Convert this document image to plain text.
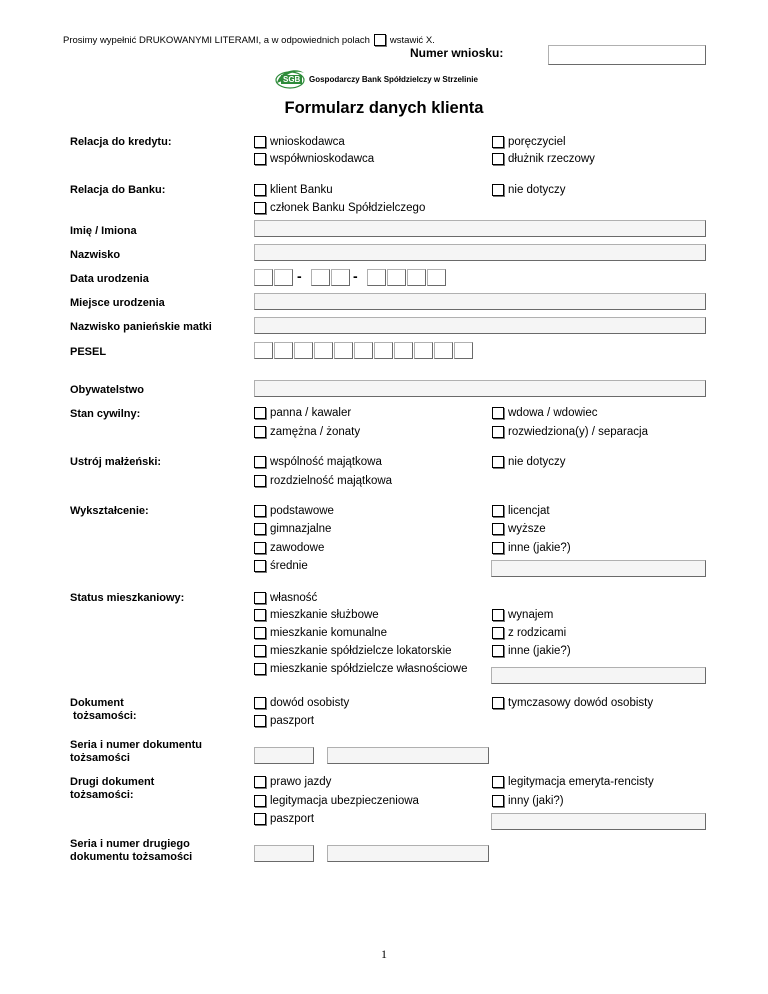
Prosimy wypełnić DRUKOWANYMI LITERAMI, a w odpowiednich polach wstawić X.
Numer wniosku:
SGB Gospodarczy Bank Spółdzielczy w Strzelinie
Formularz danych klienta
Relacja do kredytu:	wnioskodawca	poręczyciel
współwnioskodawca	dłużnik rzeczowy
Relacja do Banku:	klient Banku	nie dotyczy
członek Banku Spółdzielczego
Imię / Imiona
Nazwisko
Data urodzenia	-	-
Miejsce urodzenia
Nazwisko panieńskie matki
PESEL
Obywatelstwo
Stan cywilny:	panna / kawaler	wdowa / wdowiec
zamężna / żonaty	rozwiedziona(y) / separacja
Ustrój małżeński:	wspólność majątkowa	nie dotyczy
rozdzielność majątkowa
Wykształcenie:	podstawowe	licencjat
gimnazjalne	wyższe
zawodowe	inne (jakie?)
średnie
Status mieszkaniowy:	własność
mieszkanie służbowe	wynajem
mieszkanie komunalne	z rodzicami
mieszkanie spółdzielcze lokatorskie	inne (jakie?)
mieszkanie spółdzielcze własnościowe
Dokument
tożsamości:
dowód osobisty	tymczasowy dowód osobisty
paszport
Seria i numer dokumentu
tożsamości
Drugi dokument
tożsamości:
prawo jazdy	legitymacja emeryta-rencisty
legitymacja ubezpieczeniowa	inny (jaki?)
paszport
Seria i numer drugiego
dokumentu tożsamości
1
